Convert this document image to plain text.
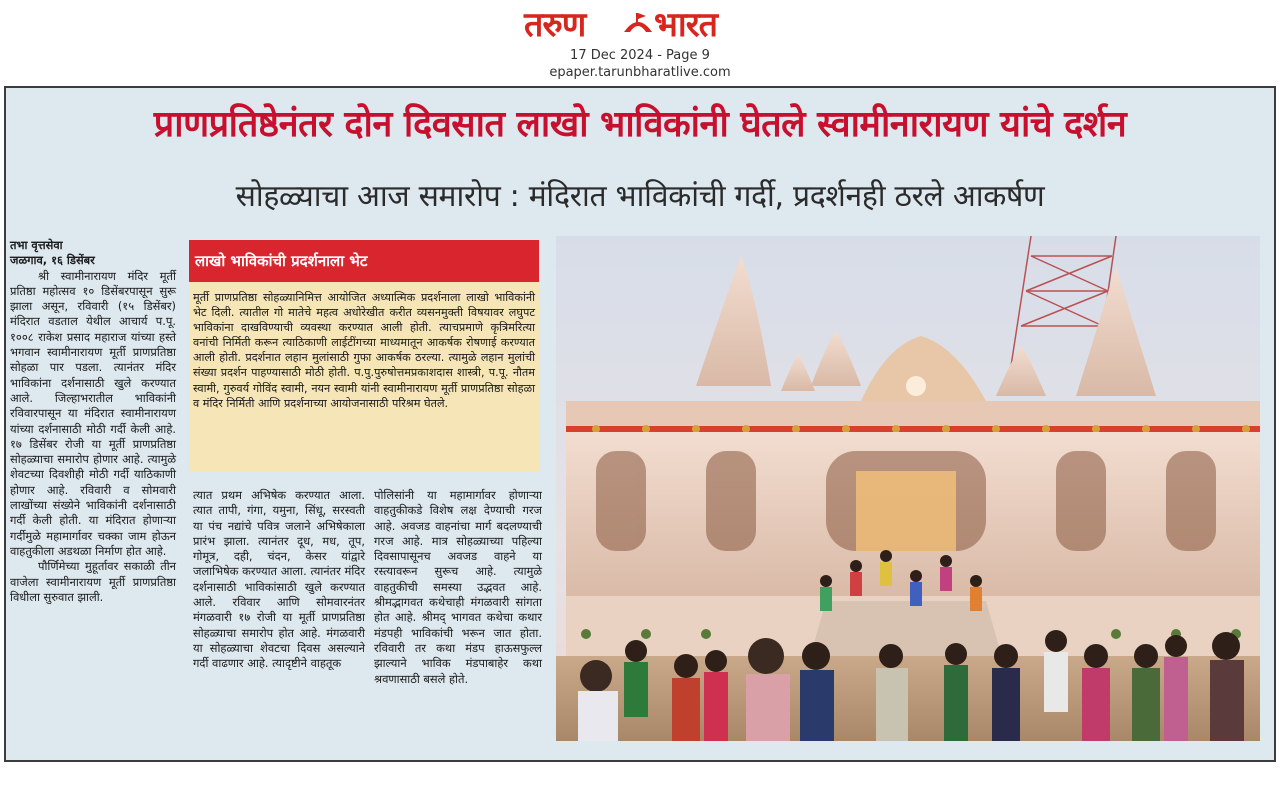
तरुण भारत
17 Dec 2024 - Page 9
epaper.tarunbharatlive.com
प्राणप्रतिष्ठेनंतर दोन दिवसात लाखो भाविकांनी घेतले स्वामीनारायण यांचे दर्शन
सोहळ्याचा आज समारोप : मंदिरात भाविकांची गर्दी, प्रदर्शनही ठरले आकर्षण
तभा वृत्तसेवा
जळगाव, १६ डिसेंबर

श्री स्वामीनारायण मंदिर मूर्ती प्रतिष्ठा महोत्सव १० डिसेंबरपासून सुरू झाला असून, रविवारी (१५ डिसेंबर) मंदिरात वडताल येथील आचार्य प.पू. १००८ राकेश प्रसाद महाराज यांच्या हस्ते भगवान स्वामीनारायण मूर्ती प्राणप्रतिष्ठा सोहळा पार पडला. त्यानंतर मंदिर भाविकांना दर्शनासाठी खुले करण्यात आले. जिल्हाभरातील भाविकांनी रविवारपासून या मंदिरात स्वामीनारायण यांच्या दर्शनासाठी मोठी गर्दी केली आहे. १७ डिसेंबर रोजी या मूर्ती प्राणप्रतिष्ठा सोहळ्याचा समारोप होणार आहे. त्यामुळे शेवटच्या दिवशीही मोठी गर्दी याठिकाणी होणार आहे. रविवारी व सोमवारी लाखोंच्या संख्येने भाविकांनी दर्शनासाठी गर्दी केली होती. या मंदिरात होणाऱ्या गर्दीमुळे महामार्गावर चक्का जाम होऊन वाहतुकीला अडथळा निर्माण होत आहे.

पौर्णिमेच्या मुहूर्तावर सकाळी तीन वाजेला स्वामीनारायण मूर्ती प्राणप्रतिष्ठा विधीला सुरुवात झाली.

लाखो भाविकांची प्रदर्शनाला भेट

मूर्ती प्राणप्रतिष्ठा सोहळ्यानिमित्त आयोजित अध्यात्मिक प्रदर्शनाला लाखो भाविकांनी भेट दिली. त्यातील गो मातेचे महत्व अधोरेखीत करीत व्यसनमुक्ती विषयावर लघुपट भाविकांना दाखविण्याची व्यवस्था करण्यात आली होती. त्याचप्रमाणे कृत्रिमरित्या वनांची निर्मिती करून त्याठिकाणी लाईटींगच्या माध्यमातून आकर्षक रोषणाई करण्यात आली होती. प्रदर्शनात लहान मुलांसाठी गुफा आकर्षक ठरल्या. त्यामुळे लहान मुलांची संख्या प्रदर्शन पाहण्यासाठी मोठी होती. प.पु.पुरुषोत्तमप्रकाशदास शास्त्री, प.पू. नौतम स्वामी, गुरुवर्य गोविंद स्वामी, नयन स्वामी यांनी स्वामीनारायण मूर्ती प्राणप्रतिष्ठा सोहळा व मंदिर निर्मिती आणि प्रदर्शनाच्या आयोजनासाठी परिश्रम घेतले.

त्यात प्रथम अभिषेक करण्यात आला. त्यात तापी, गंगा, यमुना, सिंधू, सरस्वती या पंच नद्यांचे पवित्र जलाने अभिषेकाला प्रारंभ झाला. त्यानंतर दूध, मध, तूप, गोमूत्र, दही, चंदन, केसर यांद्वारे जलाभिषेक करण्यात आला. त्यानंतर मंदिर दर्शनासाठी भाविकांसाठी खुले करण्यात आले. रविवार आणि सोमवारनंतर मंगळवारी १७ रोजी या मूर्ती प्राणप्रतिष्ठा सोहळ्याचा समारोप होत आहे. मंगळवारी या सोहळ्याचा शेवटचा दिवस असल्याने गर्दी वाढणार आहे. त्यादृष्टीने वाहतूक

पोलिसांनी या महामार्गावर होणाऱ्या वाहतुकीकडे विशेष लक्ष देण्याची गरज आहे. अवजड वाहनांचा मार्ग बदलण्याची गरज आहे. मात्र सोहळ्याच्या पहिल्या दिवसापासूनच अवजड वाहने या रस्त्यावरून सुरूच आहे. त्यामुळे वाहतुकीची समस्या उद्भवत आहे. श्रीमद्भागवत कथेचाही मंगळवारी सांगता होत आहे. श्रीमद् भागवत कथेचा कथार मंडपही भाविकांची भरून जात होता. रविवारी तर कथा मंडप हाऊसफुल्ल झाल्याने भाविक मंडपाबाहेर कथा श्रवणासाठी बसले होते.
